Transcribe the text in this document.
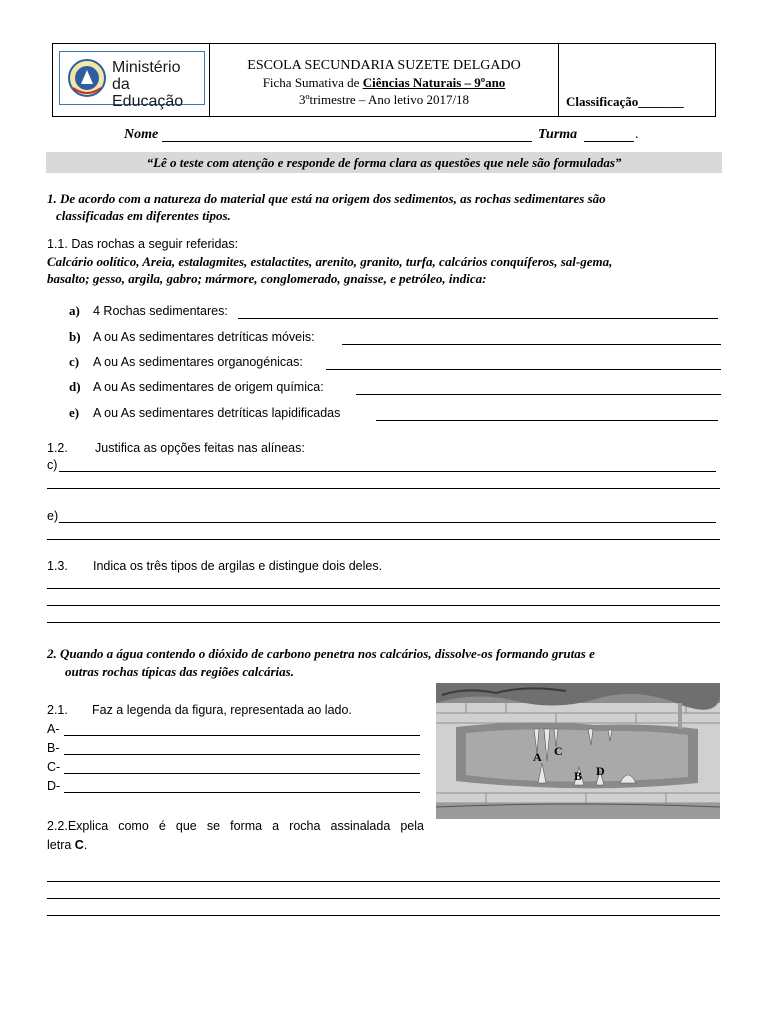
Ministério
da Educação
ESCOLA SECUNDARIA SUZETE DELGADO
Ficha Sumativa de Ciências Naturais – 9ºano
3ºtrimestre – Ano letivo 2017/18	Classificação_______
Nome	Turma	.
“Lê o teste com atenção e responde de forma clara as questões que nele são formuladas”
1. De acordo com a natureza do material que está na origem dos sedimentos, as rochas sedimentares são
classificadas em diferentes tipos.
1.1. Das rochas a seguir referidas:
Calcário oolítico, Areia, estalagmites, estalactites, arenito, granito, turfa, calcários conquíferos, sal-gema,
basalto; gesso, argila, gabro; mármore, conglomerado, gnaisse, e petróleo, indica:
a) 4 Rochas sedimentares:
b) A ou As sedimentares detríticas móveis:
c) A ou As sedimentares organogénicas:
d) A ou As sedimentares de origem química:
e) A ou As sedimentares detríticas lapidificadas
1.2. Justifica as opções feitas nas alíneas:
c)
e)
1.3. Indica os três tipos de argilas e distingue dois deles.
2. Quando a água contendo o dióxido de carbono penetra nos calcários, dissolve-os formando grutas e
outras rochas típicas das regiões calcárias.
2.1. Faz a legenda da figura, representada ao lado.
A-
B-
C-
D-
A
B
C
D
2.2.Explica como é que se forma a rocha assinalada pela
letra C.
